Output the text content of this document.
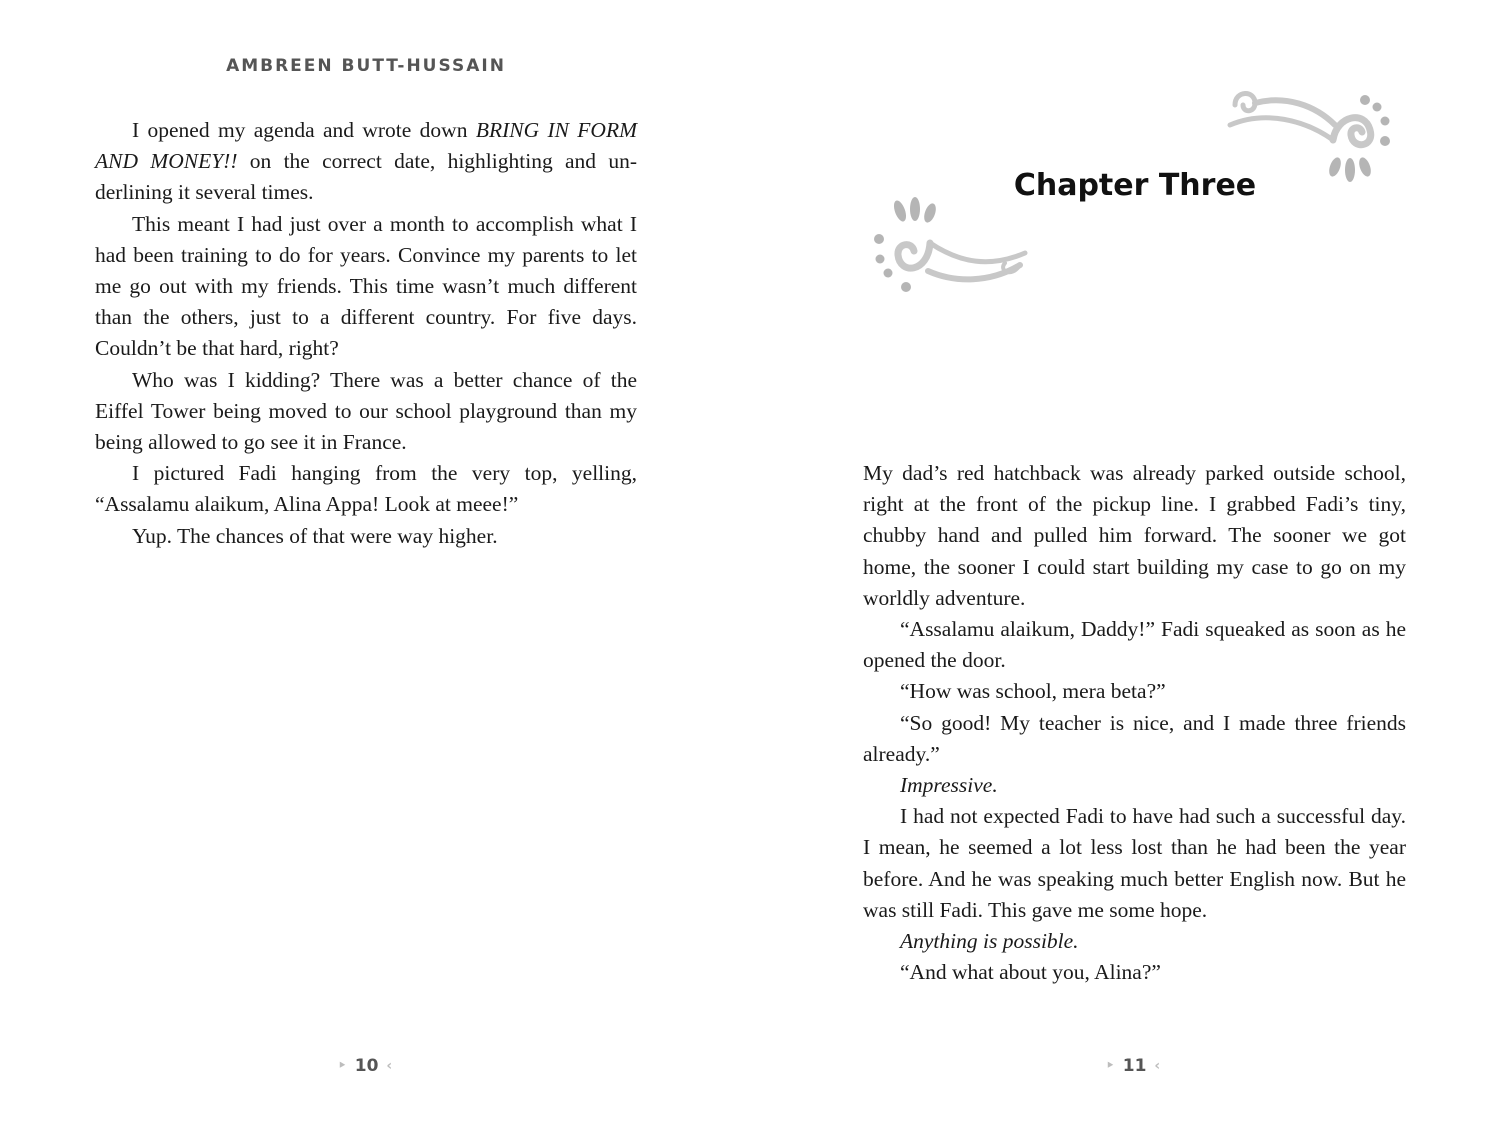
AMBREEN BUTT-HUSSAIN

I opened my agenda and wrote down BRING IN FORM AND MONEY!! on the correct date, highlighting and underlining it several times.

This meant I had just over a month to accomplish what I had been training to do for years. Convince my parents to let me go out with my friends. This time wasn’t much different than the others, just to a different country. For five days. Couldn’t be that hard, right?

Who was I kidding? There was a better chance of the Eiffel Tower being moved to our school playground than my being allowed to go see it in France.

I pictured Fadi hanging from the very top, yelling, “Assalamu alaikum, Alina Appa! Look at meee!”

Yup. The chances of that were way higher.

‣ 10 ‹
Chapter Three

My dad’s red hatchback was already parked outside school, right at the front of the pickup line. I grabbed Fadi’s tiny, chubby hand and pulled him forward. The sooner we got home, the sooner I could start building my case to go on my worldly adventure.

“Assalamu alaikum, Daddy!” Fadi squeaked as soon as he opened the door.

“How was school, mera beta?”

“So good! My teacher is nice, and I made three friends already.”

Impressive.

I had not expected Fadi to have had such a successful day. I mean, he seemed a lot less lost than he had been the year before. And he was speaking much better English now. But he was still Fadi. This gave me some hope.

Anything is possible.

“And what about you, Alina?”

‣ 11 ‹
